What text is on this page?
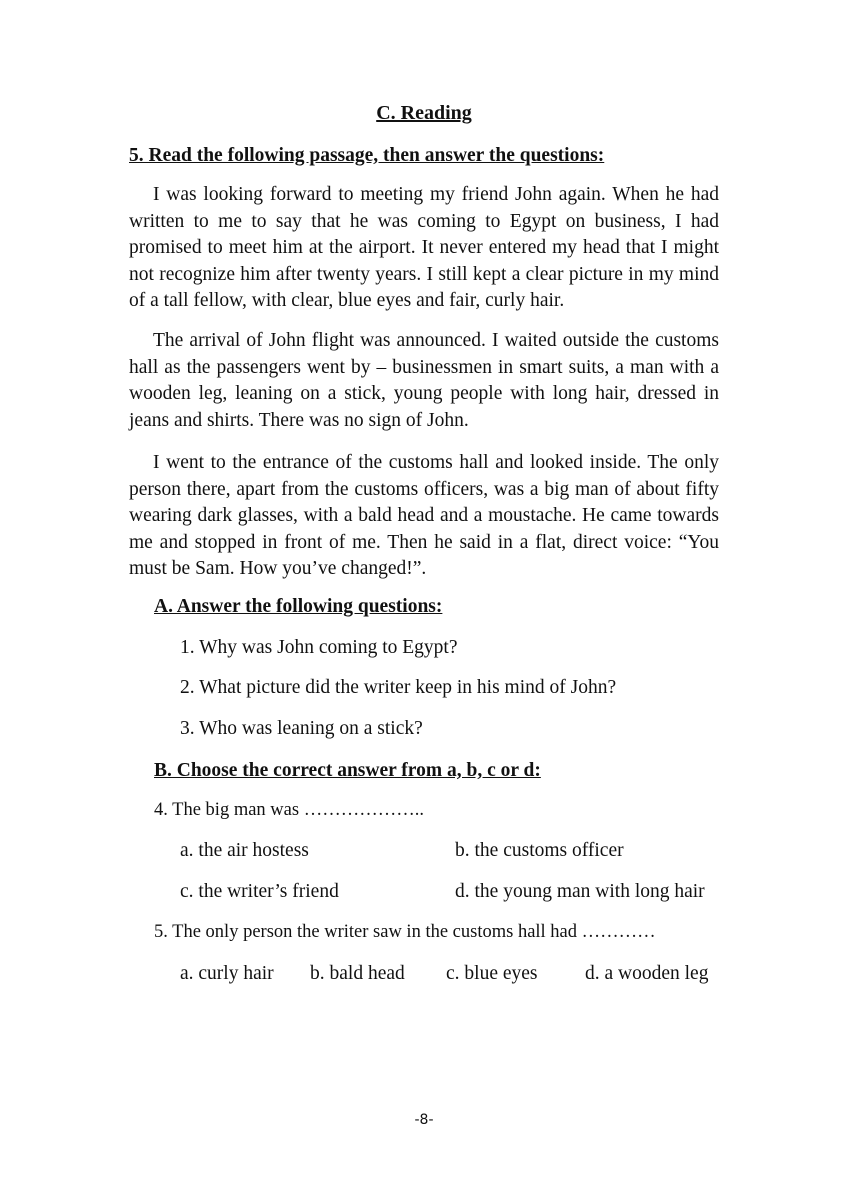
C. Reading
5. Read the following passage, then answer the questions:

I was looking forward to meeting my friend John again. When he had written to me to say that he was coming to Egypt on business, I had promised to meet him at the airport. It never entered my head that I might not recognize him after twenty years. I still kept a clear picture in my mind of a tall fellow, with clear, blue eyes and fair, curly hair.

The arrival of John flight was announced. I waited outside the customs hall as the passengers went by – businessmen in smart suits, a man with a wooden leg, leaning on a stick, young people with long hair, dressed in jeans and shirts. There was no sign of John.

I went to the entrance of the customs hall and looked inside. The only person there, apart from the customs officers, was a big man of about fifty wearing dark glasses, with a bald head and a moustache. He came towards me and stopped in front of me. Then he said in a flat, direct voice: “You must be Sam. How you’ve changed!”.

A. Answer the following questions:
1. Why was John coming to Egypt?
2. What picture did the writer keep in his mind of John?
3. Who was leaning on a stick?
B. Choose the correct answer from a, b, c or d:
4. The big man was ………………..
a. the air hostess	b. the customs officer
c. the writer’s friend	d. the young man with long hair
5. The only person the writer saw in the customs hall had …………
a. curly hair b. bald head c. blue eyes d. a wooden leg
-8-
